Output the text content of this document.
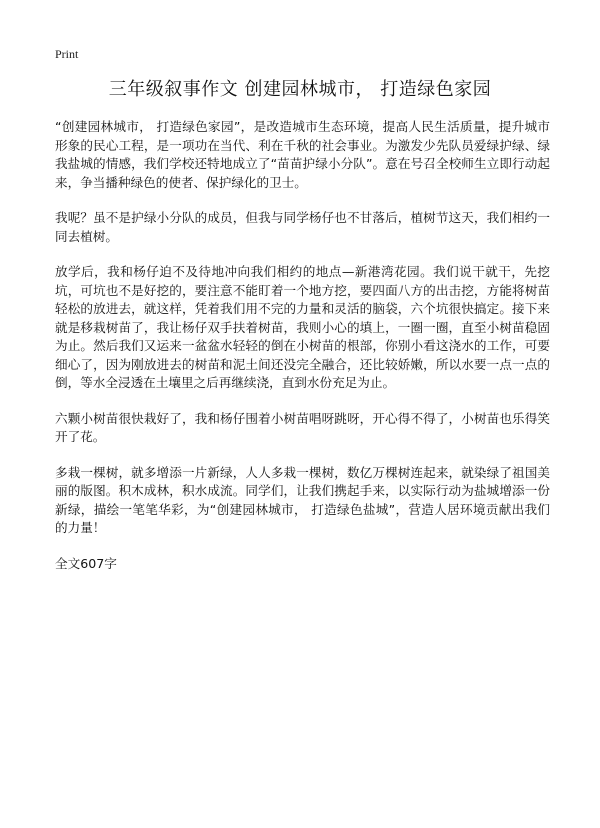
Print
三年级叙事作文 创建园林城市， 打造绿色家园

“创建园林城市， 打造绿色家园”，是改造城市生态环境，提高人民生活质量，提升城市形象的民心工程，是一项功在当代、利在千秋的社会事业。为激发少先队员爱绿护绿、绿我盐城的情感，我们学校还特地成立了“苗苗护绿小分队”。意在号召全校师生立即行动起来，争当播种绿色的使者、保护绿化的卫士。

我呢？虽不是护绿小分队的成员，但我与同学杨仔也不甘落后，植树节这天，我们相约一同去植树。

放学后，我和杨仔迫不及待地冲向我们相约的地点—新港湾花园。我们说干就干，先挖坑，可坑也不是好挖的，要注意不能盯着一个地方挖，要四面八方的出击挖，方能将树苗轻松的放进去，就这样，凭着我们用不完的力量和灵活的脑袋，六个坑很快搞定。接下来就是移栽树苗了，我让杨仔双手扶着树苗，我则小心的填上，一圈一圈，直至小树苗稳固为止。然后我们又运来一盆盆水轻轻的倒在小树苗的根部，你别小看这浇水的工作，可要细心了，因为刚放进去的树苗和泥土间还没完全融合，还比较娇嫩，所以水要一点一点的倒，等水全浸透在土壤里之后再继续浇，直到水份充足为止。

六颗小树苗很快栽好了，我和杨仔围着小树苗唱呀跳呀，开心得不得了，小树苗也乐得笑开了花。

多栽一棵树，就多增添一片新绿，人人多栽一棵树，数亿万棵树连起来，就染绿了祖国美丽的版图。积木成林，积水成流。同学们，让我们携起手来，以实际行动为盐城增添一份新绿，描绘一笔笔华彩，为“创建园林城市， 打造绿色盐城”，营造人居环境贡献出我们的力量！

全文607字
